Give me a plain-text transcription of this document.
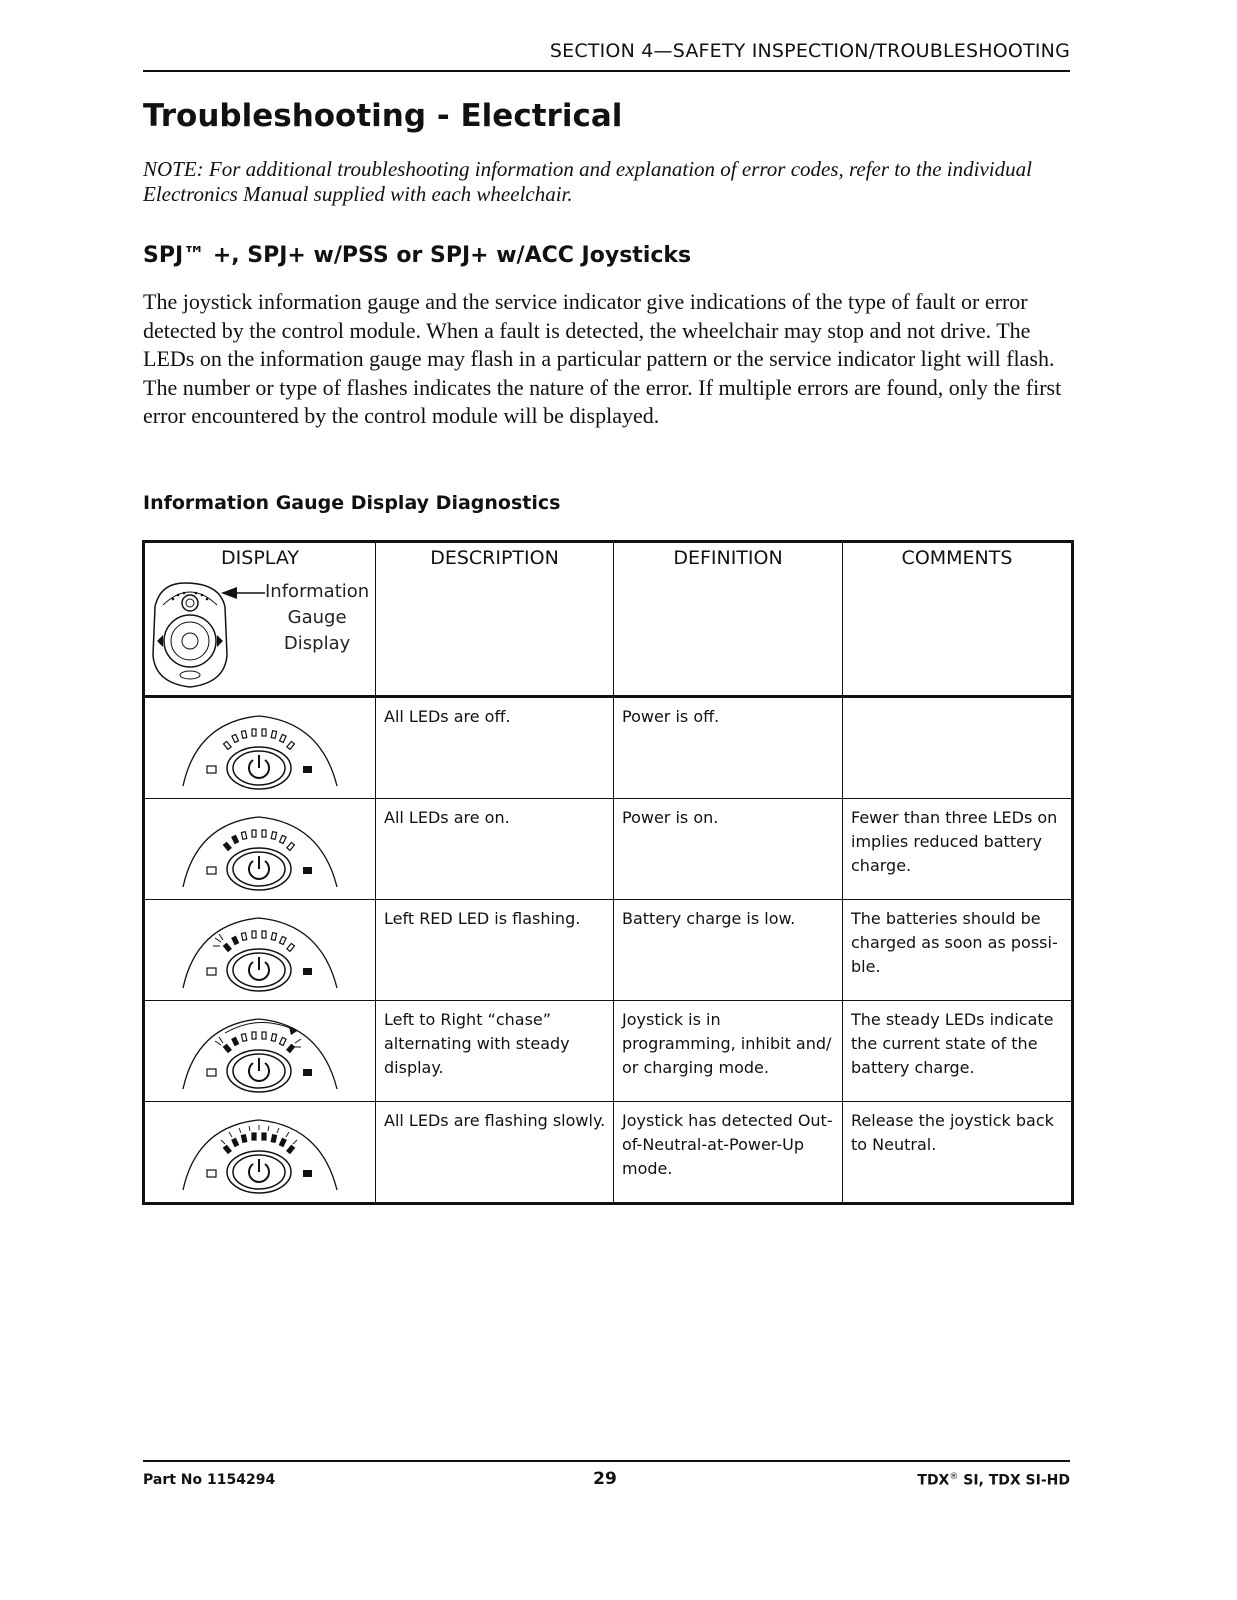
SECTION 4—SAFETY INSPECTION/TROUBLESHOOTING
Troubleshooting - Electrical

NOTE: For additional troubleshooting information and explanation of error codes, refer to the individual Electronics Manual supplied with each wheelchair.

SPJ™ +, SPJ+ w/PSS or SPJ+ w/ACC Joysticks

The joystick information gauge and the service indicator give indications of the type of fault or error detected by the control module. When a fault is detected, the wheelchair may stop and not drive. The LEDs on the information gauge may flash in a particular pattern or the service indicator light will flash. The number or type of flashes indicates the nature of the error. If multiple errors are found, only the first error encountered by the control module will be displayed.

Information Gauge Display Diagnostics
DISPLAY
Information
Gauge
Display	DESCRIPTION	DEFINITION	COMMENTS

All LEDs are off.	Power is off.	

All LEDs are on.	Power is on.	Fewer than three LEDs on implies reduced battery charge.

Left RED LED is flashing.	Battery charge is low.	The batteries should be charged as soon as possi-ble.

Left to Right “chase” alternating with steady display.	Joystick is in programming, inhibit and/ or charging mode.	The steady LEDs indicate the current state of the battery charge.

All LEDs are flashing slowly.	Joystick has detected Out-of-Neutral-at-Power-Up mode.	Release the joystick back to Neutral.
Part No 1154294	29	TDX® SI, TDX SI-HD
